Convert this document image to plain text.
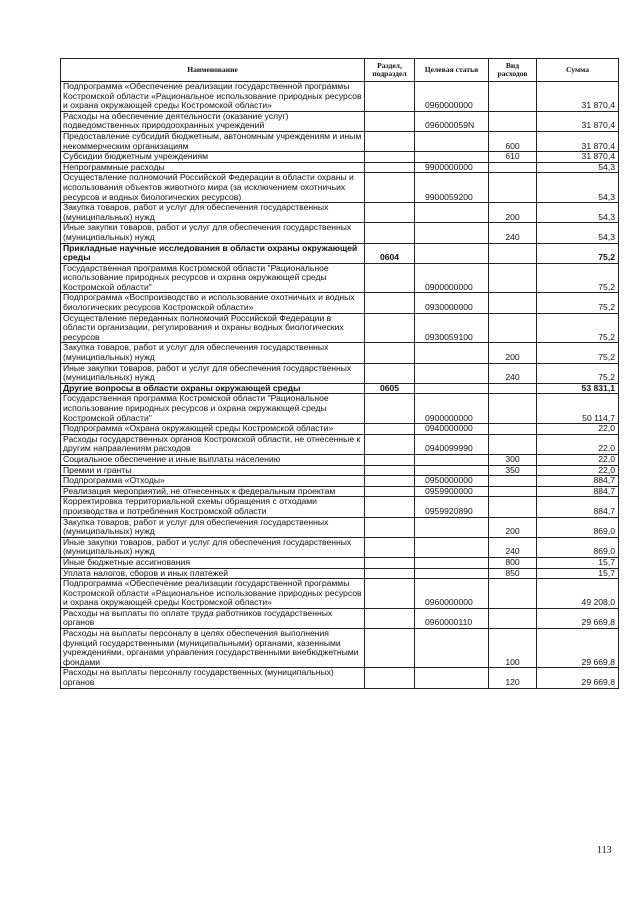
Наименование	Раздел, подраздел	Целевая статья	Вид расходов	Сумма
Подпрограмма «Обеспечение реализации государственной программы Костромской области «Рациональное использование природных ресурсов и охрана окружающей среды Костромской области»		0960000000		31 870,4
Расходы на обеспечение деятельности (оказание услуг) подведомственных природоохранных учреждений		096000059N		31 870,4
Предоставление субсидий бюджетным, автономным учреждениям и иным некоммерческим организациям			600	31 870,4
Субсидии бюджетным учреждениям			610	31 870,4
Непрограммные расходы		9900000000		54,3
Осуществление полномочий Российской Федерации в области охраны и использования объектов животного мира (за исключением охотничьих ресурсов и водных биологических ресурсов)		9900059200		54,3
Закупка товаров, работ и услуг для обеспечения государственных (муниципальных) нужд			200	54,3
Иные закупки товаров, работ и услуг для обеспечения государственных (муниципальных) нужд			240	54,3
Прикладные научные исследования в области охраны окружающей среды	0604			75,2
Государственная программа Костромской области "Рациональное использование природных ресурсов и охрана окружающей среды Костромской области"		0900000000		75,2
Подпрограмма «Воспроизводство и использование охотничьих и водных биологических ресурсов Костромской области»		0930000000		75,2
Осуществление переданных полномочий Российской Федерации в области организации, регулирования и охраны водных биологических ресурсов		0930059100		75,2
Закупка товаров, работ и услуг для обеспечения государственных (муниципальных) нужд			200	75,2
Иные закупки товаров, работ и услуг для обеспечения государственных (муниципальных) нужд			240	75,2
Другие вопросы в области охраны окружающей среды	0605			53 831,1
Государственная программа Костромской области "Рациональное использование природных ресурсов и охрана окружающей среды Костромской области"		0900000000		50 114,7
Подпрограмма «Охрана окружающей среды Костромской области»		0940000000		22,0
Расходы государственных органов Костромской области, не отнесенные к другим направлениям расходов		0940099990		22,0
Социальное обеспечение и иные выплаты населению			300	22,0
Премии и гранты			350	22,0
Подпрограмма «Отходы»		0950000000		884,7
Реализация мероприятий, не отнесенных к федеральным проектам		0959900000		884,7
Корректировка территориальной схемы обращения с отходами производства и потребления Костромской области		0959920890		884,7
Закупка товаров, работ и услуг для обеспечения государственных (муниципальных) нужд			200	869,0
Иные закупки товаров, работ и услуг для обеспечения государственных (муниципальных) нужд			240	869,0
Иные бюджетные ассигнования			800	15,7
Уплата налогов, сборов и иных платежей			850	15,7
Подпрограмма «Обеспечение реализации государственной программы Костромской области «Рациональное использование природных ресурсов и охрана окружающей среды Костромской области»		0960000000		49 208,0
Расходы на выплаты по оплате труда работников государственных органов		0960000110		29 669,8
Расходы на выплаты персоналу в целях обеспечения выполнения функций государственными (муниципальными) органами, казенными учреждениями, органами управления государственными внебюджетными фондами			100	29 669,8
Расходы на выплаты персоналу государственных (муниципальных) органов			120	29 669,8
113
